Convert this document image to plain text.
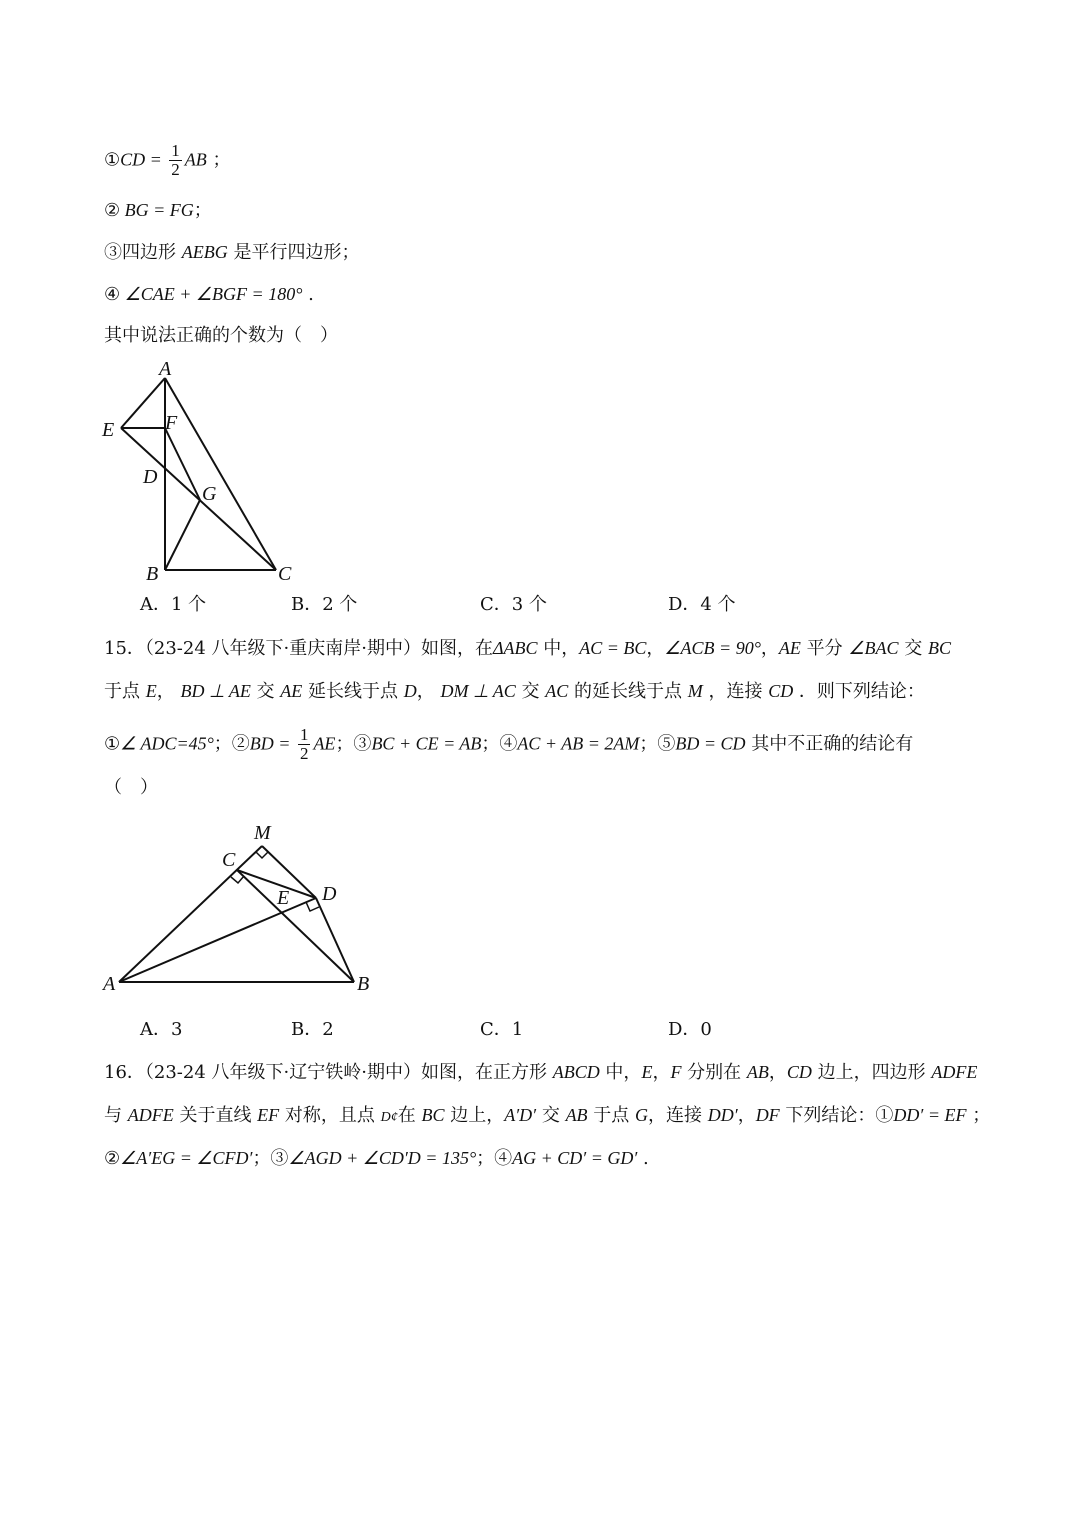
①CD = $\frac{1}{2}$ AB ；
② BG = FG；
③四边形 AEBG 是平行四边形；
④ ∠CAE + ∠BGF = 180° .
其中说法正确的个数为（　）
A
E	F
D
G
B	C
A．1 个	B．2 个	C．3 个	D．4 个
15．（23-24 八年级下·重庆南岸·期中）如图，在ΔABC 中，AC = BC，∠ACB = 90°，AE 平分 ∠BAC 交 BC
于点 E， BD ⊥ AE 交 AE 延长线于点 D， DM ⊥ AC 交 AC 的延长线于点 M ，连接 CD ．则下列结论：
①∠ ADC=45°；②BD = $\frac{1}{2}$ AE；③BC + CE = AB；④AC + AB = 2AM；⑤BD = CD 其中不正确的结论有
（　）
M
C
E D
A	B
A．3	B．2	C．1	D．0
16．（23-24 八年级下·辽宁铁岭·期中）如图，在正方形 ABCD 中，E，F 分别在 AB，CD 边上，四边形 ADFE
与 ADFE 关于直线 EF 对称，且点 D¢在 BC 边上，A′D′ 交 AB 于点 G，连接 DD′，DF 下列结论：①DD′ = EF ；
②∠A′EG = ∠CFD′；③∠AGD + ∠CD′D = 135°；④AG + CD′ = GD′ .
